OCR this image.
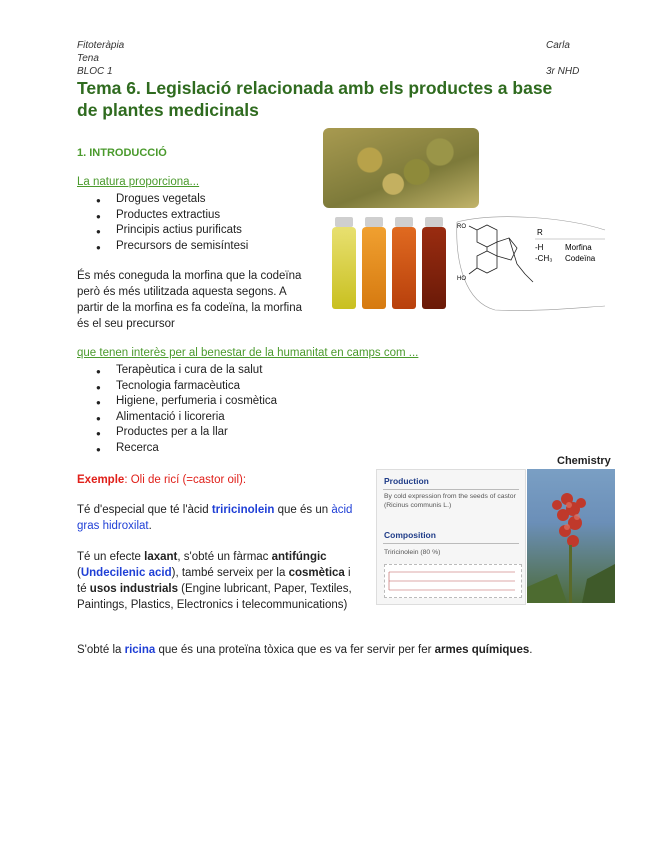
Fitoteràpia
Tena
BLOC 1
Carla
3r NHD
Tema 6. Legislació relacionada amb els productes a base de plantes medicinals
1. INTRODUCCIÓ
La natura proporciona...
● Drogues vegetals
● Productes extractius
● Principis actius purificats
● Precursors de semisíntesi
És més coneguda la morfina que la codeïna però és més utilitzada aquesta segons. A partir de la morfina es fa codeïna, la morfina és el seu precursor
que tenen interès per al benestar de la humanitat en camps com ...
● Terapèutica i cura de la salut
● Tecnologia farmacèutica
● Higiene, perfumeria i cosmètica
● Alimentació i licoreria
● Productes per a la llar
● Recerca
Exemple: Oli de ricí (=castor oil):
Té d'especial que té l'àcid triricinolein que és un àcid gras hidroxilat.
Té un efecte laxant, s'obté un fàrmac antifúngic (Undecilenic acid), també serveix per la cosmètica i té usos industrials (Engine lubricant, Paper, Textiles, Paintings, Plastics, Electronics i telecommunications)
S'obté la ricina que és una proteïna tòxica que es va fer servir per fer armes químiques.
RO
HO
R
-H	Morfina
-CH₃ Codeïna
Chemistry
Production
By cold expression from the seeds of castor (Ricinus communis L.)
Composition
Triricinolein (80 %)
